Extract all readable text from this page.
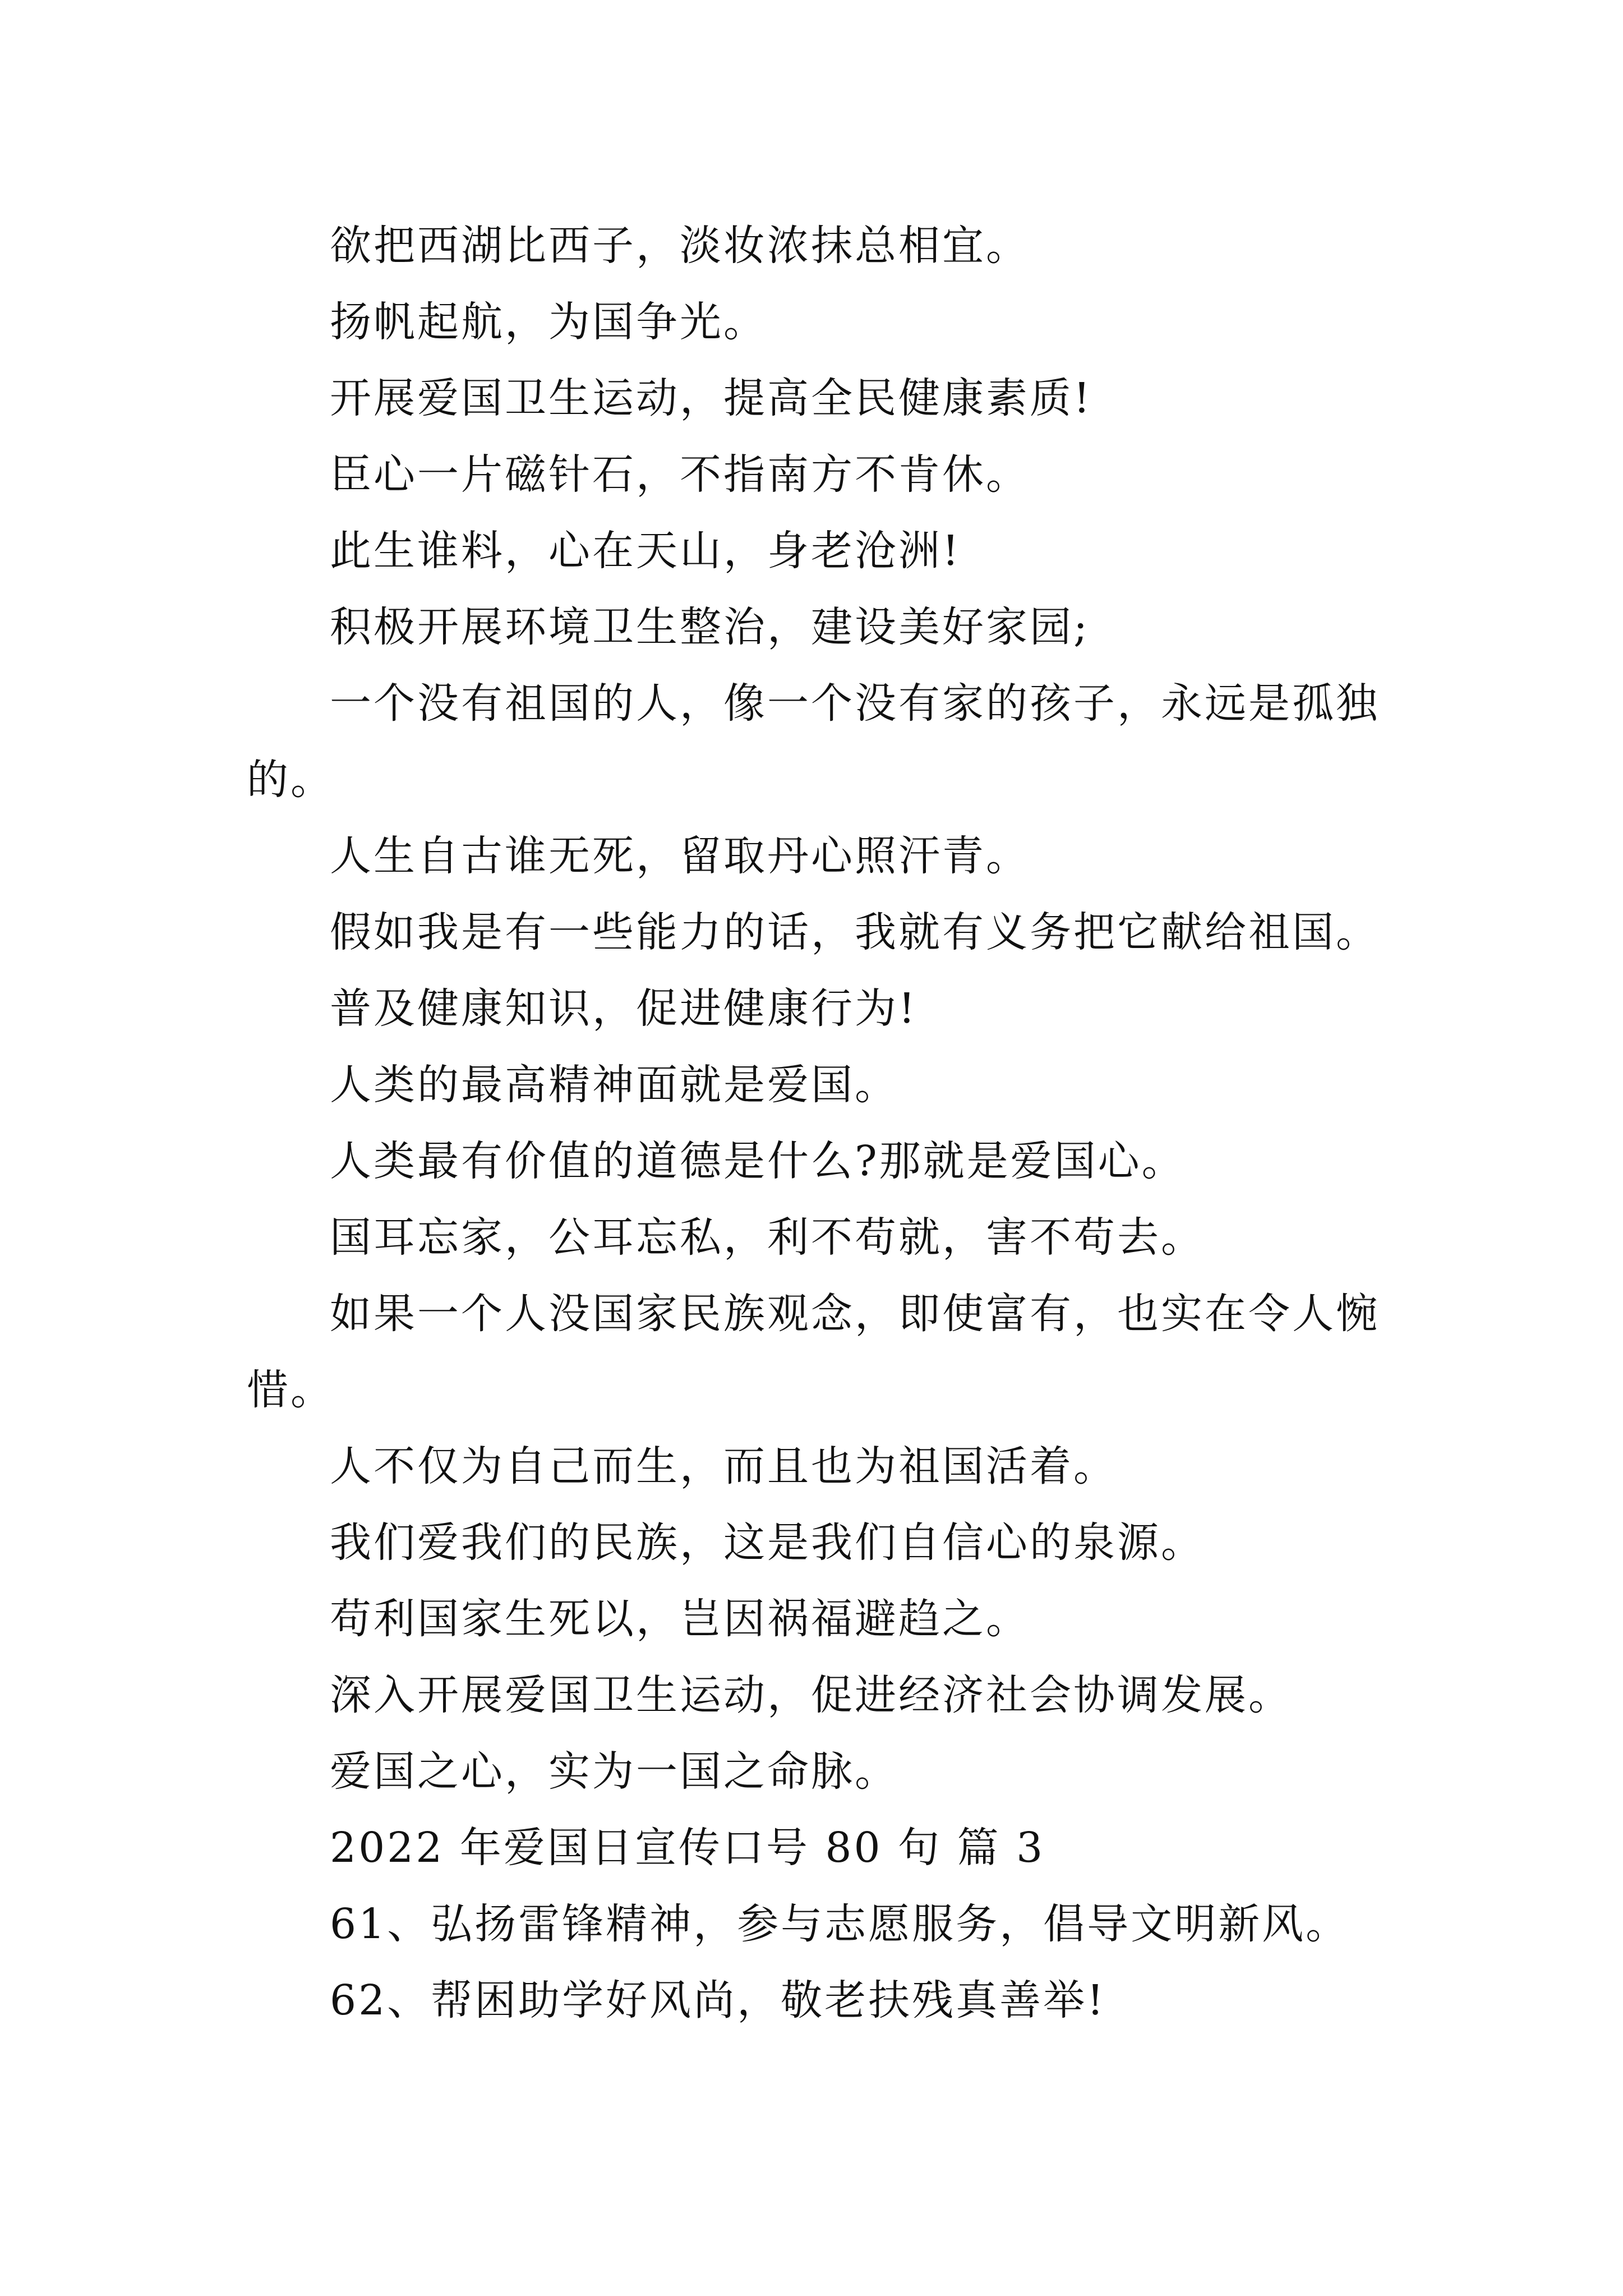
欲把西湖比西子，淡妆浓抹总相宜。

扬帆起航，为国争光。

开展爱国卫生运动，提高全民健康素质!

臣心一片磁针石，不指南方不肯休。

此生谁料，心在天山，身老沧洲!

积极开展环境卫生整治，建设美好家园;

一个没有祖国的人，像一个没有家的孩子，永远是孤独的。

人生自古谁无死，留取丹心照汗青。

假如我是有一些能力的话，我就有义务把它献给祖国。

普及健康知识，促进健康行为!

人类的最高精神面就是爱国。

人类最有价值的道德是什么?那就是爱国心。

国耳忘家，公耳忘私，利不苟就，害不苟去。

如果一个人没国家民族观念，即使富有，也实在令人惋惜。

人不仅为自己而生，而且也为祖国活着。

我们爱我们的民族，这是我们自信心的泉源。

苟利国家生死以，岂因祸福避趋之。

深入开展爱国卫生运动，促进经济社会协调发展。

爱国之心，实为一国之命脉。

2022 年爱国日宣传口号 80 句 篇 3

61、弘扬雷锋精神，参与志愿服务，倡导文明新风。

62、帮困助学好风尚，敬老扶残真善举!
